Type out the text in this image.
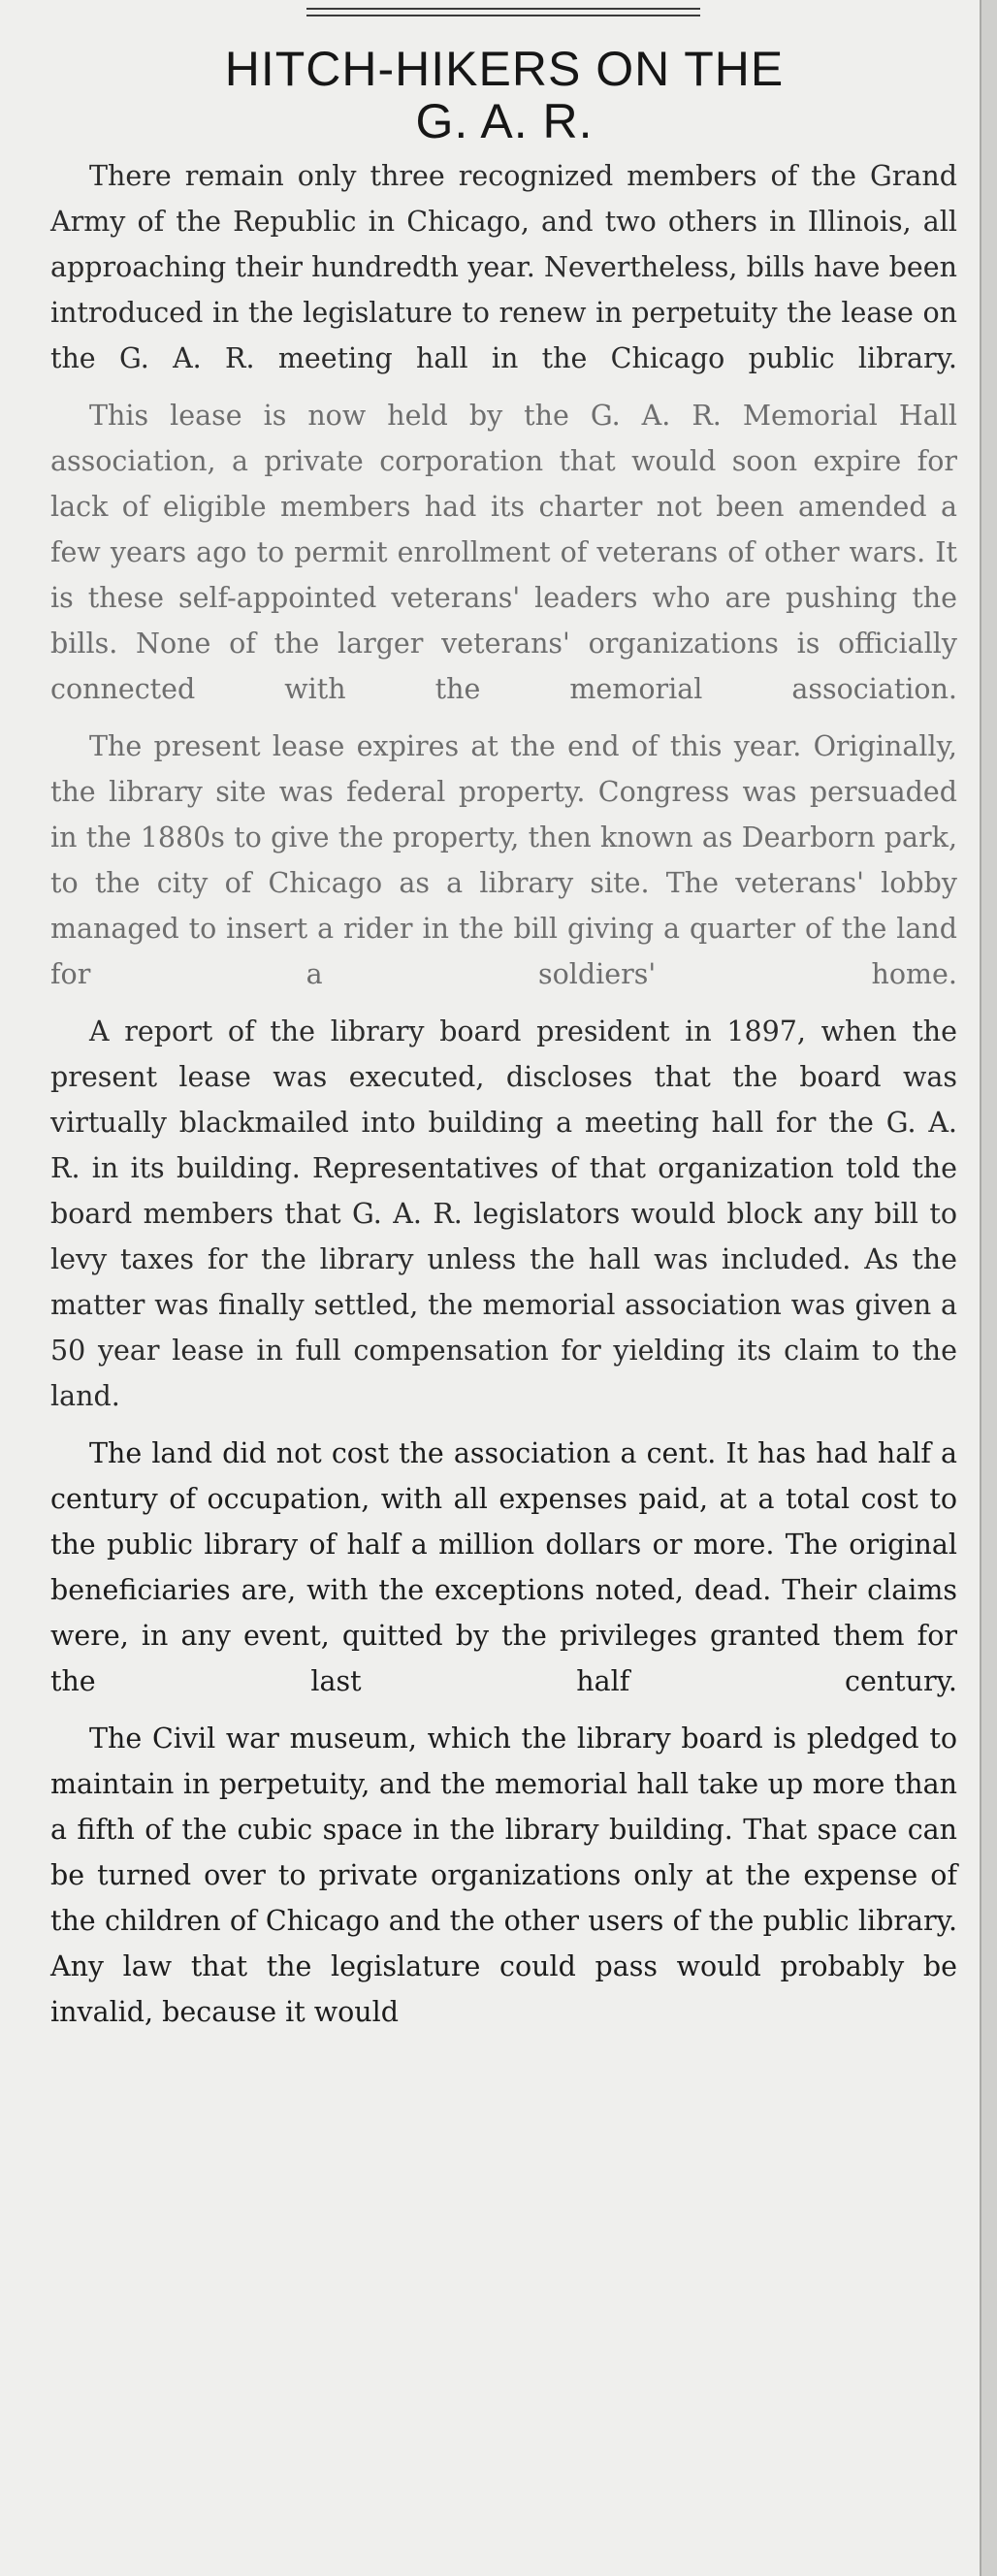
HITCH-HIKERS ON THE
G. A. R.

There remain only three recognized members of the Grand Army of the Republic in Chicago, and two others in Illinois, all approaching their hundredth year. Nevertheless, bills have been introduced in the legislature to renew in perpetuity the lease on the G. A. R. meeting hall in the Chicago public library.

This lease is now held by the G. A. R. Memorial Hall association, a private corporation that would soon expire for lack of eligible members had its charter not been amended a few years ago to permit enrollment of veterans of other wars. It is these self-appointed veterans' leaders who are pushing the bills. None of the larger veterans' organizations is officially connected with the memorial association.

The present lease expires at the end of this year. Originally, the library site was federal property. Congress was persuaded in the 1880s to give the property, then known as Dearborn park, to the city of Chicago as a library site. The veterans' lobby managed to insert a rider in the bill giving a quarter of the land for a soldiers' home.

A report of the library board president in 1897, when the present lease was executed, discloses that the board was virtually blackmailed into building a meeting hall for the G. A. R. in its building. Representatives of that organization told the board members that G. A. R. legislators would block any bill to levy taxes for the library unless the hall was included. As the matter was finally settled, the memorial association was given a 50 year lease in full compensation for yielding its claim to the land.

The land did not cost the association a cent. It has had half a century of occupation, with all expenses paid, at a total cost to the public library of half a million dollars or more. The original beneficiaries are, with the exceptions noted, dead. Their claims were, in any event, quitted by the privileges granted them for the last half century.

The Civil war museum, which the library board is pledged to maintain in perpetuity, and the memorial hall take up more than a fifth of the cubic space in the library building. That space can be turned over to private organizations only at the expense of the children of Chicago and the other users of the public library. Any law that the legislature could pass would probably be invalid, because it would
